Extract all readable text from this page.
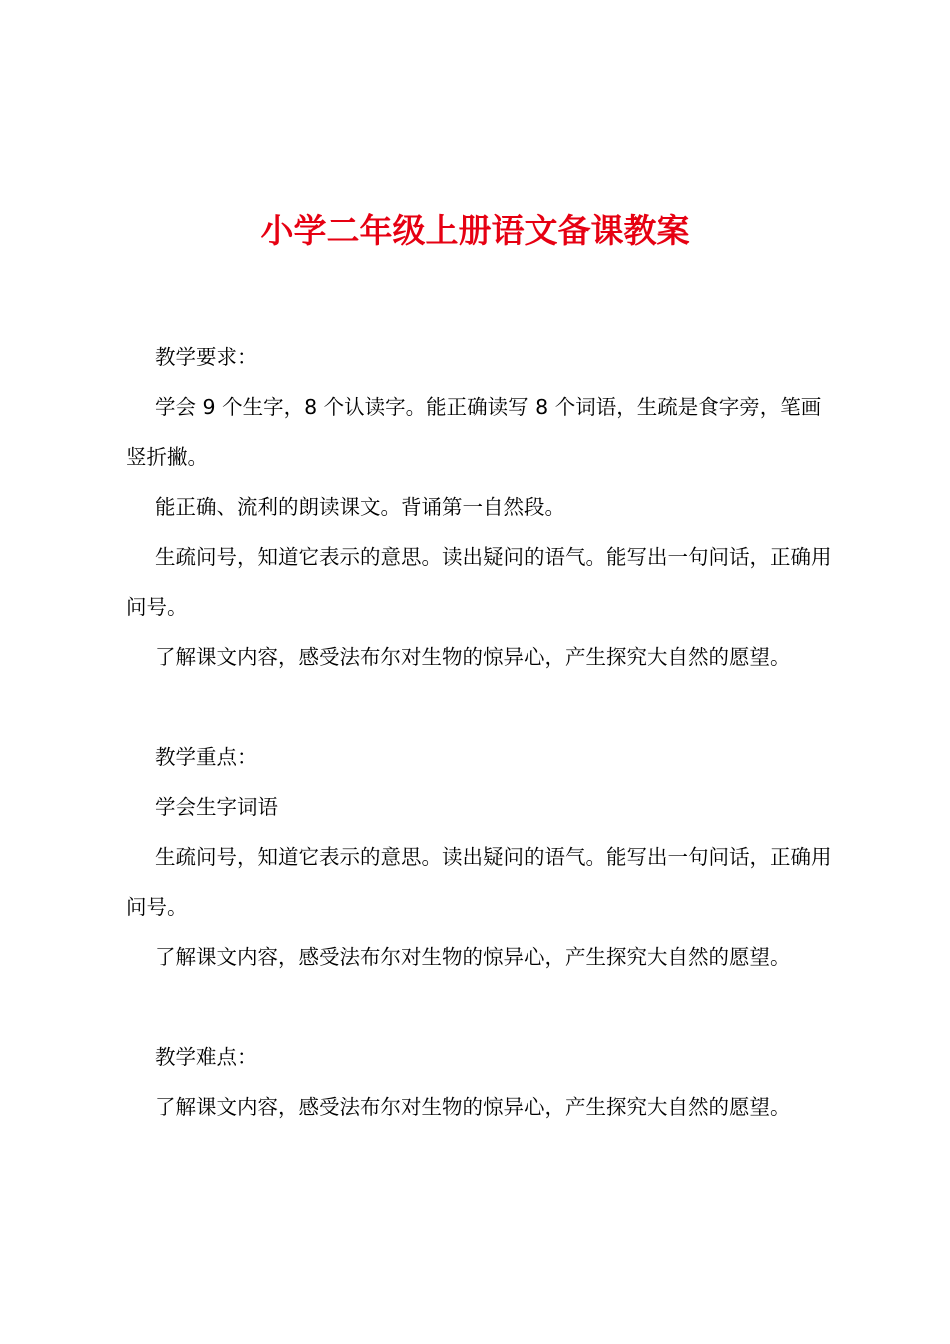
小学二年级上册语文备课教案

教学要求：

学会 9 个生字，8 个认读字。能正确读写 8 个词语，生疏是食字旁，笔画竖折撇。

能正确、流利的朗读课文。背诵第一自然段。

生疏问号，知道它表示的意思。读出疑问的语气。能写出一句问话，正确用问号。

了解课文内容，感受法布尔对生物的惊异心，产生探究大自然的愿望。

教学重点：

学会生字词语

生疏问号，知道它表示的意思。读出疑问的语气。能写出一句问话，正确用问号。

了解课文内容，感受法布尔对生物的惊异心，产生探究大自然的愿望。

教学难点：

了解课文内容，感受法布尔对生物的惊异心，产生探究大自然的愿望。
